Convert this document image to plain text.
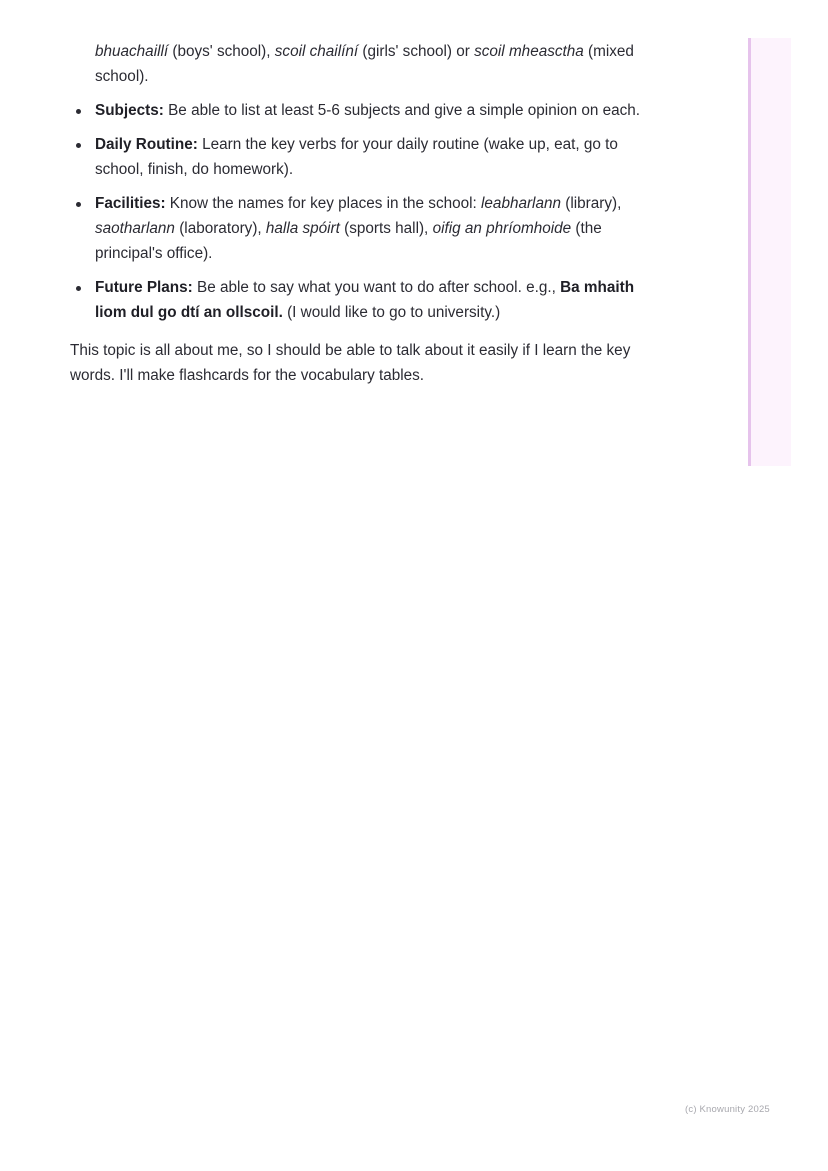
bhuachaillí (boys' school), scoil chailíní (girls' school) or scoil mheasctha (mixed school).

Subjects: Be able to list at least 5-6 subjects and give a simple opinion on each.
Daily Routine: Learn the key verbs for your daily routine (wake up, eat, go to school, finish, do homework).
Facilities: Know the names for key places in the school: leabharlann (library), saotharlann (laboratory), halla spóirt (sports hall), oifig an phríomhoide (the principal's office).
Future Plans: Be able to say what you want to do after school. e.g., Ba mhaith liom dul go dtí an ollscoil. (I would like to go to university.)

This topic is all about me, so I should be able to talk about it easily if I learn the key words. I'll make flashcards for the vocabulary tables.

(c) Knowunity 2025
